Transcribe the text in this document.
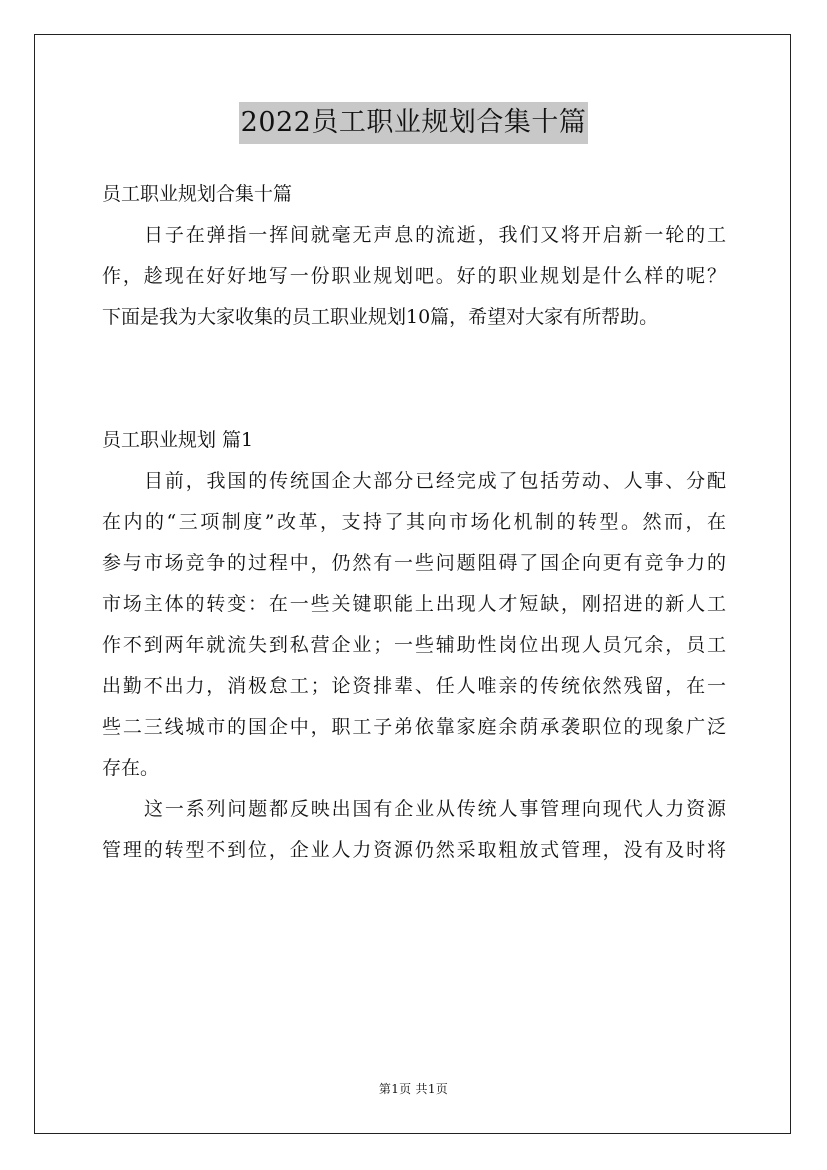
2022员工职业规划合集十篇
员工职业规划合集十篇
日子在弹指一挥间就毫无声息的流逝，我们又将开启新一轮的工
作，趁现在好好地写一份职业规划吧。好的职业规划是什么样的呢？
下面是我为大家收集的员工职业规划10篇，希望对大家有所帮助。
员工职业规划 篇1
目前，我国的传统国企大部分已经完成了包括劳动、人事、分配
在内的“三项制度”改革，支持了其向市场化机制的转型。然而，在
参与市场竞争的过程中，仍然有一些问题阻碍了国企向更有竞争力的
市场主体的转变：在一些关键职能上出现人才短缺，刚招进的新人工
作不到两年就流失到私营企业；一些辅助性岗位出现人员冗余，员工
出勤不出力，消极怠工；论资排辈、任人唯亲的传统依然残留，在一
些二三线城市的国企中，职工子弟依靠家庭余荫承袭职位的现象广泛
存在。
这一系列问题都反映出国有企业从传统人事管理向现代人力资源
管理的转型不到位，企业人力资源仍然采取粗放式管理，没有及时将
第1页 共1页
